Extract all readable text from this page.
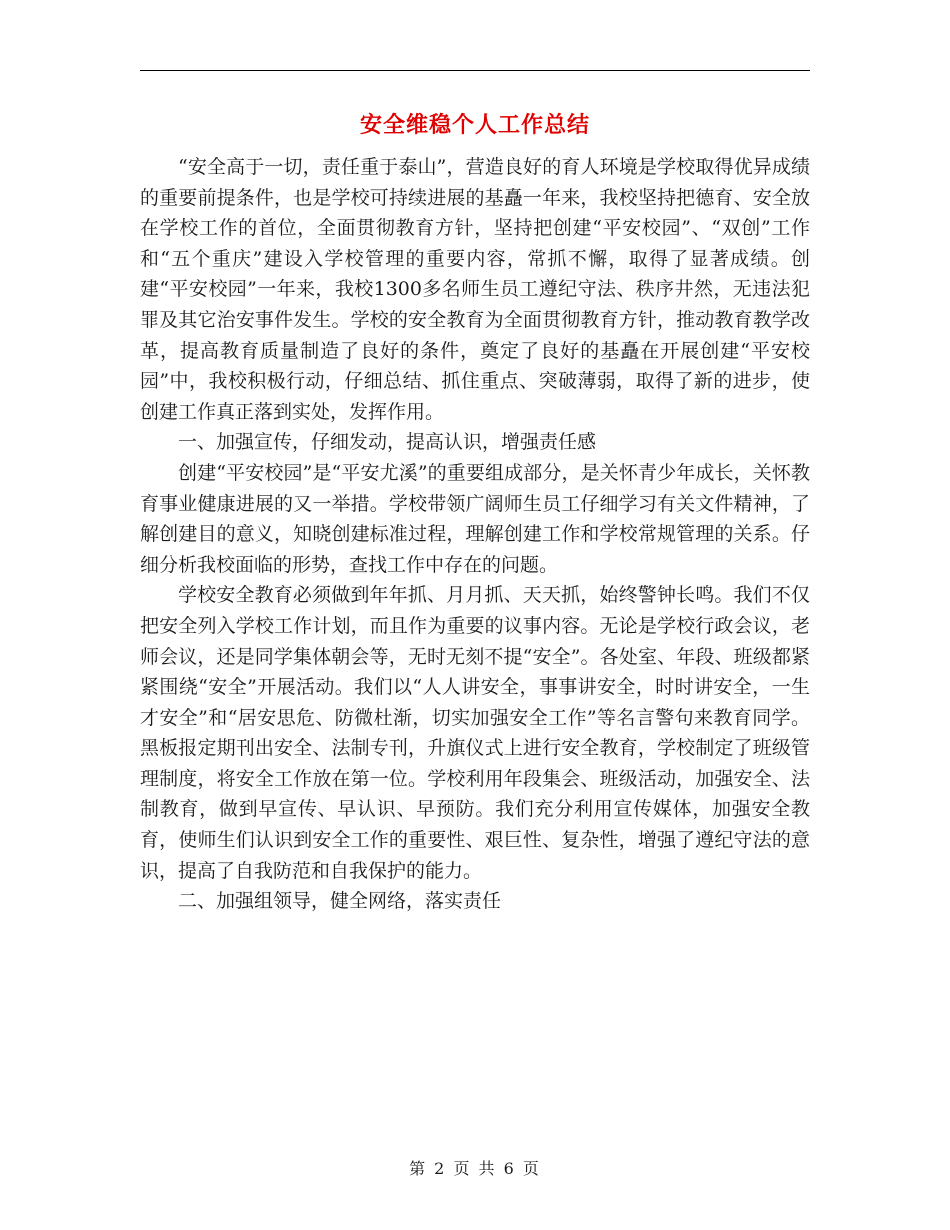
安全维稳个人工作总结

“安全高于一切，责任重于泰山”，营造良好的育人环境是学校取得优异成绩的重要前提条件，也是学校可持续进展的基矗一年来，我校坚持把德育、安全放在学校工作的首位，全面贯彻教育方针，坚持把创建“平安校园”、“双创”工作和“五个重庆”建设入学校管理的重要内容，常抓不懈，取得了显著成绩。创建“平安校园”一年来，我校1300多名师生员工遵纪守法、秩序井然，无违法犯罪及其它治安事件发生。学校的安全教育为全面贯彻教育方针，推动教育教学改革，提高教育质量制造了良好的条件，奠定了良好的基矗在开展创建“平安校园”中，我校积极行动，仔细总结、抓住重点、突破薄弱，取得了新的进步，使创建工作真正落到实处，发挥作用。

一、加强宣传，仔细发动，提高认识，增强责任感

创建“平安校园”是“平安尤溪”的重要组成部分，是关怀青少年成长，关怀教育事业健康进展的又一举措。学校带领广阔师生员工仔细学习有关文件精神，了解创建目的意义，知晓创建标准过程，理解创建工作和学校常规管理的关系。仔细分析我校面临的形势，查找工作中存在的问题。

学校安全教育必须做到年年抓、月月抓、天天抓，始终警钟长鸣。我们不仅把安全列入学校工作计划，而且作为重要的议事内容。无论是学校行政会议，老师会议，还是同学集体朝会等，无时无刻不提“安全”。各处室、年段、班级都紧紧围绕“安全”开展活动。我们以“人人讲安全，事事讲安全，时时讲安全，一生才安全”和“居安思危、防微杜渐，切实加强安全工作”等名言警句来教育同学。黑板报定期刊出安全、法制专刊，升旗仪式上进行安全教育，学校制定了班级管理制度，将安全工作放在第一位。学校利用年段集会、班级活动，加强安全、法制教育，做到早宣传、早认识、早预防。我们充分利用宣传媒体，加强安全教育，使师生们认识到安全工作的重要性、艰巨性、复杂性，增强了遵纪守法的意识，提高了自我防范和自我保护的能力。

二、加强组领导，健全网络，落实责任

第 2 页 共 6 页
